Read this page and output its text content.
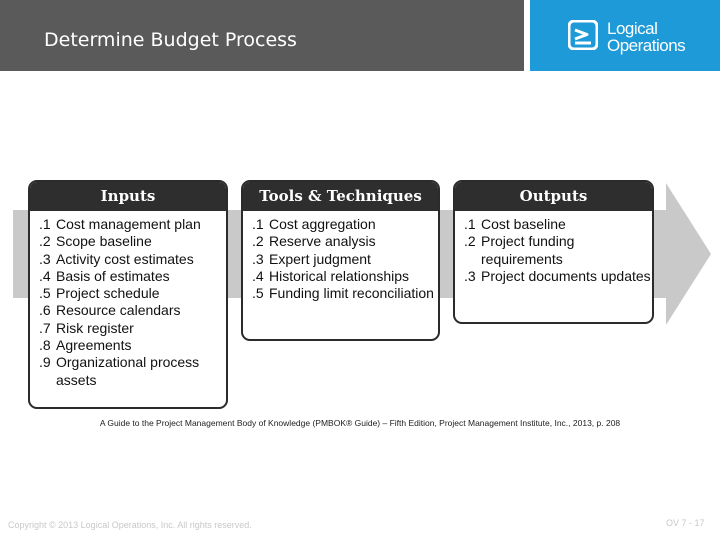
Determine Budget Process
Logical
Operations
Inputs
.1 Cost management plan
.2 Scope baseline
.3 Activity cost estimates
.4 Basis of estimates
.5 Project schedule
.6 Resource calendars
.7 Risk register
.8 Agreements
.9 Organizational process assets
Tools & Techniques
.1 Cost aggregation
.2 Reserve analysis
.3 Expert judgment
.4 Historical relationships
.5 Funding limit reconciliation
Outputs
.1 Cost baseline
.2 Project funding requirements
.3 Project documents updates
A Guide to the Project Management Body of Knowledge (PMBOK® Guide) – Fifth Edition, Project Management Institute, Inc., 2013, p. 208
Copyright © 2013 Logical Operations, Inc. All rights reserved.	OV 7 - 17
